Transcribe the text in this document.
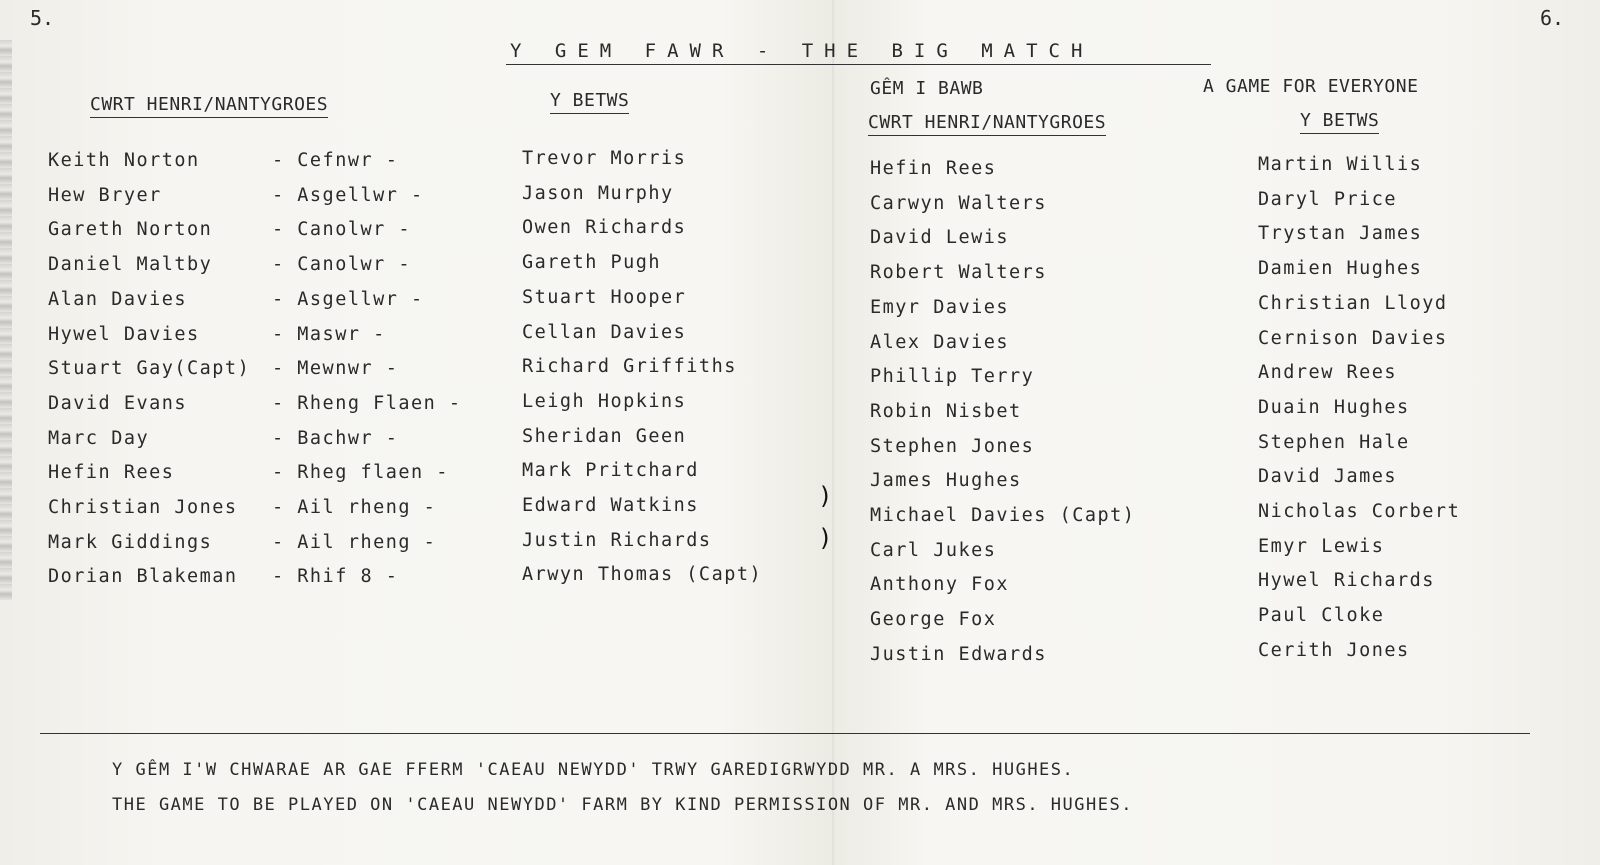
5.	6.
Y GEM FAWR - THE BIG MATCH
CWRT HENRI/NANTYGROES	Y BETWS
Keith Norton	- Cefnwr -	Trevor Morris
Hew Bryer	- Asgellwr -	Jason Murphy
Gareth Norton	- Canolwr -	Owen Richards
Daniel Maltby	- Canolwr -	Gareth Pugh
Alan Davies	- Asgellwr -	Stuart Hooper
Hywel Davies	- Maswr -	Cellan Davies
Stuart Gay(Capt) - Mewnwr -	Richard Griffiths
David Evans	- Rheng Flaen -	Leigh Hopkins
Marc Day	- Bachwr -	Sheridan Geen
Hefin Rees	- Rheg flaen -	Mark Pritchard
Christian Jones - Ail rheng -	Edward Watkins
Mark Giddings	- Ail rheng -	Justin Richards
Dorian Blakeman - Rhif 8 -	Arwyn Thomas (Capt)
GÊM I BAWB	A GAME FOR EVERYONE
CWRT HENRI/NANTYGROES	Y BETWS
Hefin Rees	Martin Willis
Carwyn Walters	Daryl Price
David Lewis	Trystan James
Robert Walters	Damien Hughes
Emyr Davies	Christian Lloyd
Alex Davies	Cernison Davies
Phillip Terry	Andrew Rees
Robin Nisbet	Duain Hughes
Stephen Jones	Stephen Hale
James Hughes	David James
Michael Davies (Capt)	Nicholas Corbert
Carl Jukes	Emyr Lewis
Anthony Fox	Hywel Richards
George Fox	Paul Cloke
Justin Edwards	Cerith Jones
)
)
Y GÊM I'W CHWARAE AR GAE FFERM 'CAEAU NEWYDD' TRWY GAREDIGRWYDD MR. A MRS. HUGHES.
THE GAME TO BE PLAYED ON 'CAEAU NEWYDD' FARM BY KIND PERMISSION OF MR. AND MRS. HUGHES.
